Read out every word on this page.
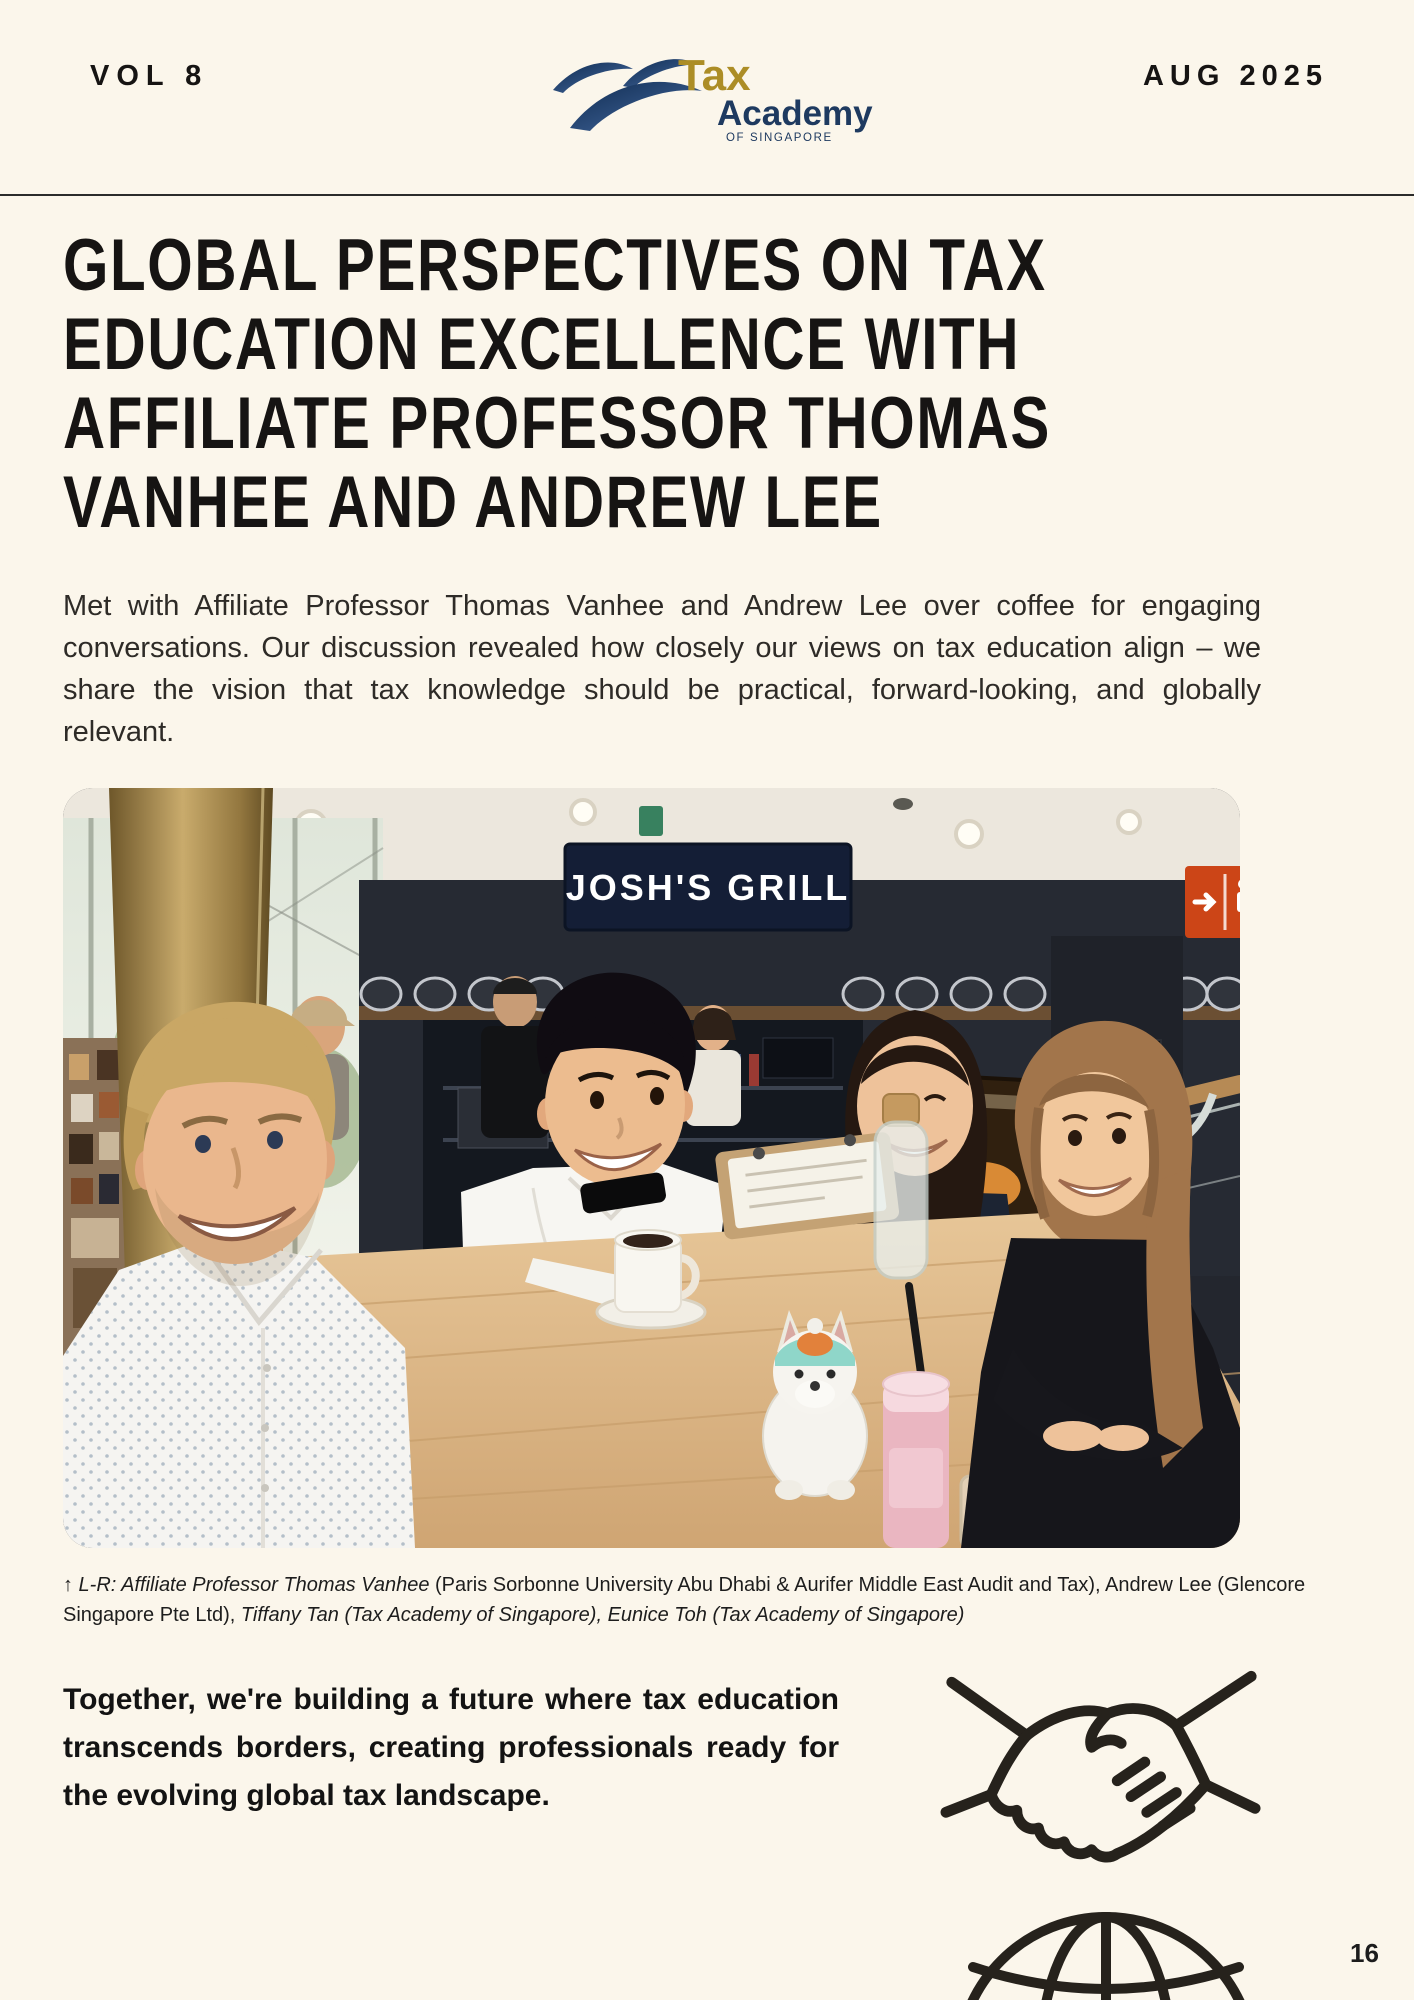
VOL 8	Tax
Academy
OF SINGAPORE
AUG 2025
GLOBAL PERSPECTIVES ON TAX
EDUCATION EXCELLENCE WITH
AFFILIATE PROFESSOR THOMAS
VANHEE AND ANDREW LEE
Met with Affiliate Professor Thomas Vanhee and Andrew Lee over coffee for engaging conversations. Our discussion revealed how closely our views on tax education align – we share the vision that tax knowledge should be practical, forward-looking, and globally relevant.
JOSH'S GRILL
↑ L-R: Affiliate Professor Thomas Vanhee (Paris Sorbonne University Abu Dhabi & Aurifer Middle East Audit and Tax), Andrew Lee (Glencore Singapore Pte Ltd), Tiffany Tan (Tax Academy of Singapore), Eunice Toh (Tax Academy of Singapore)
Together, we're building a future where tax education transcends borders, creating professionals ready for the evolving global tax landscape.
16
